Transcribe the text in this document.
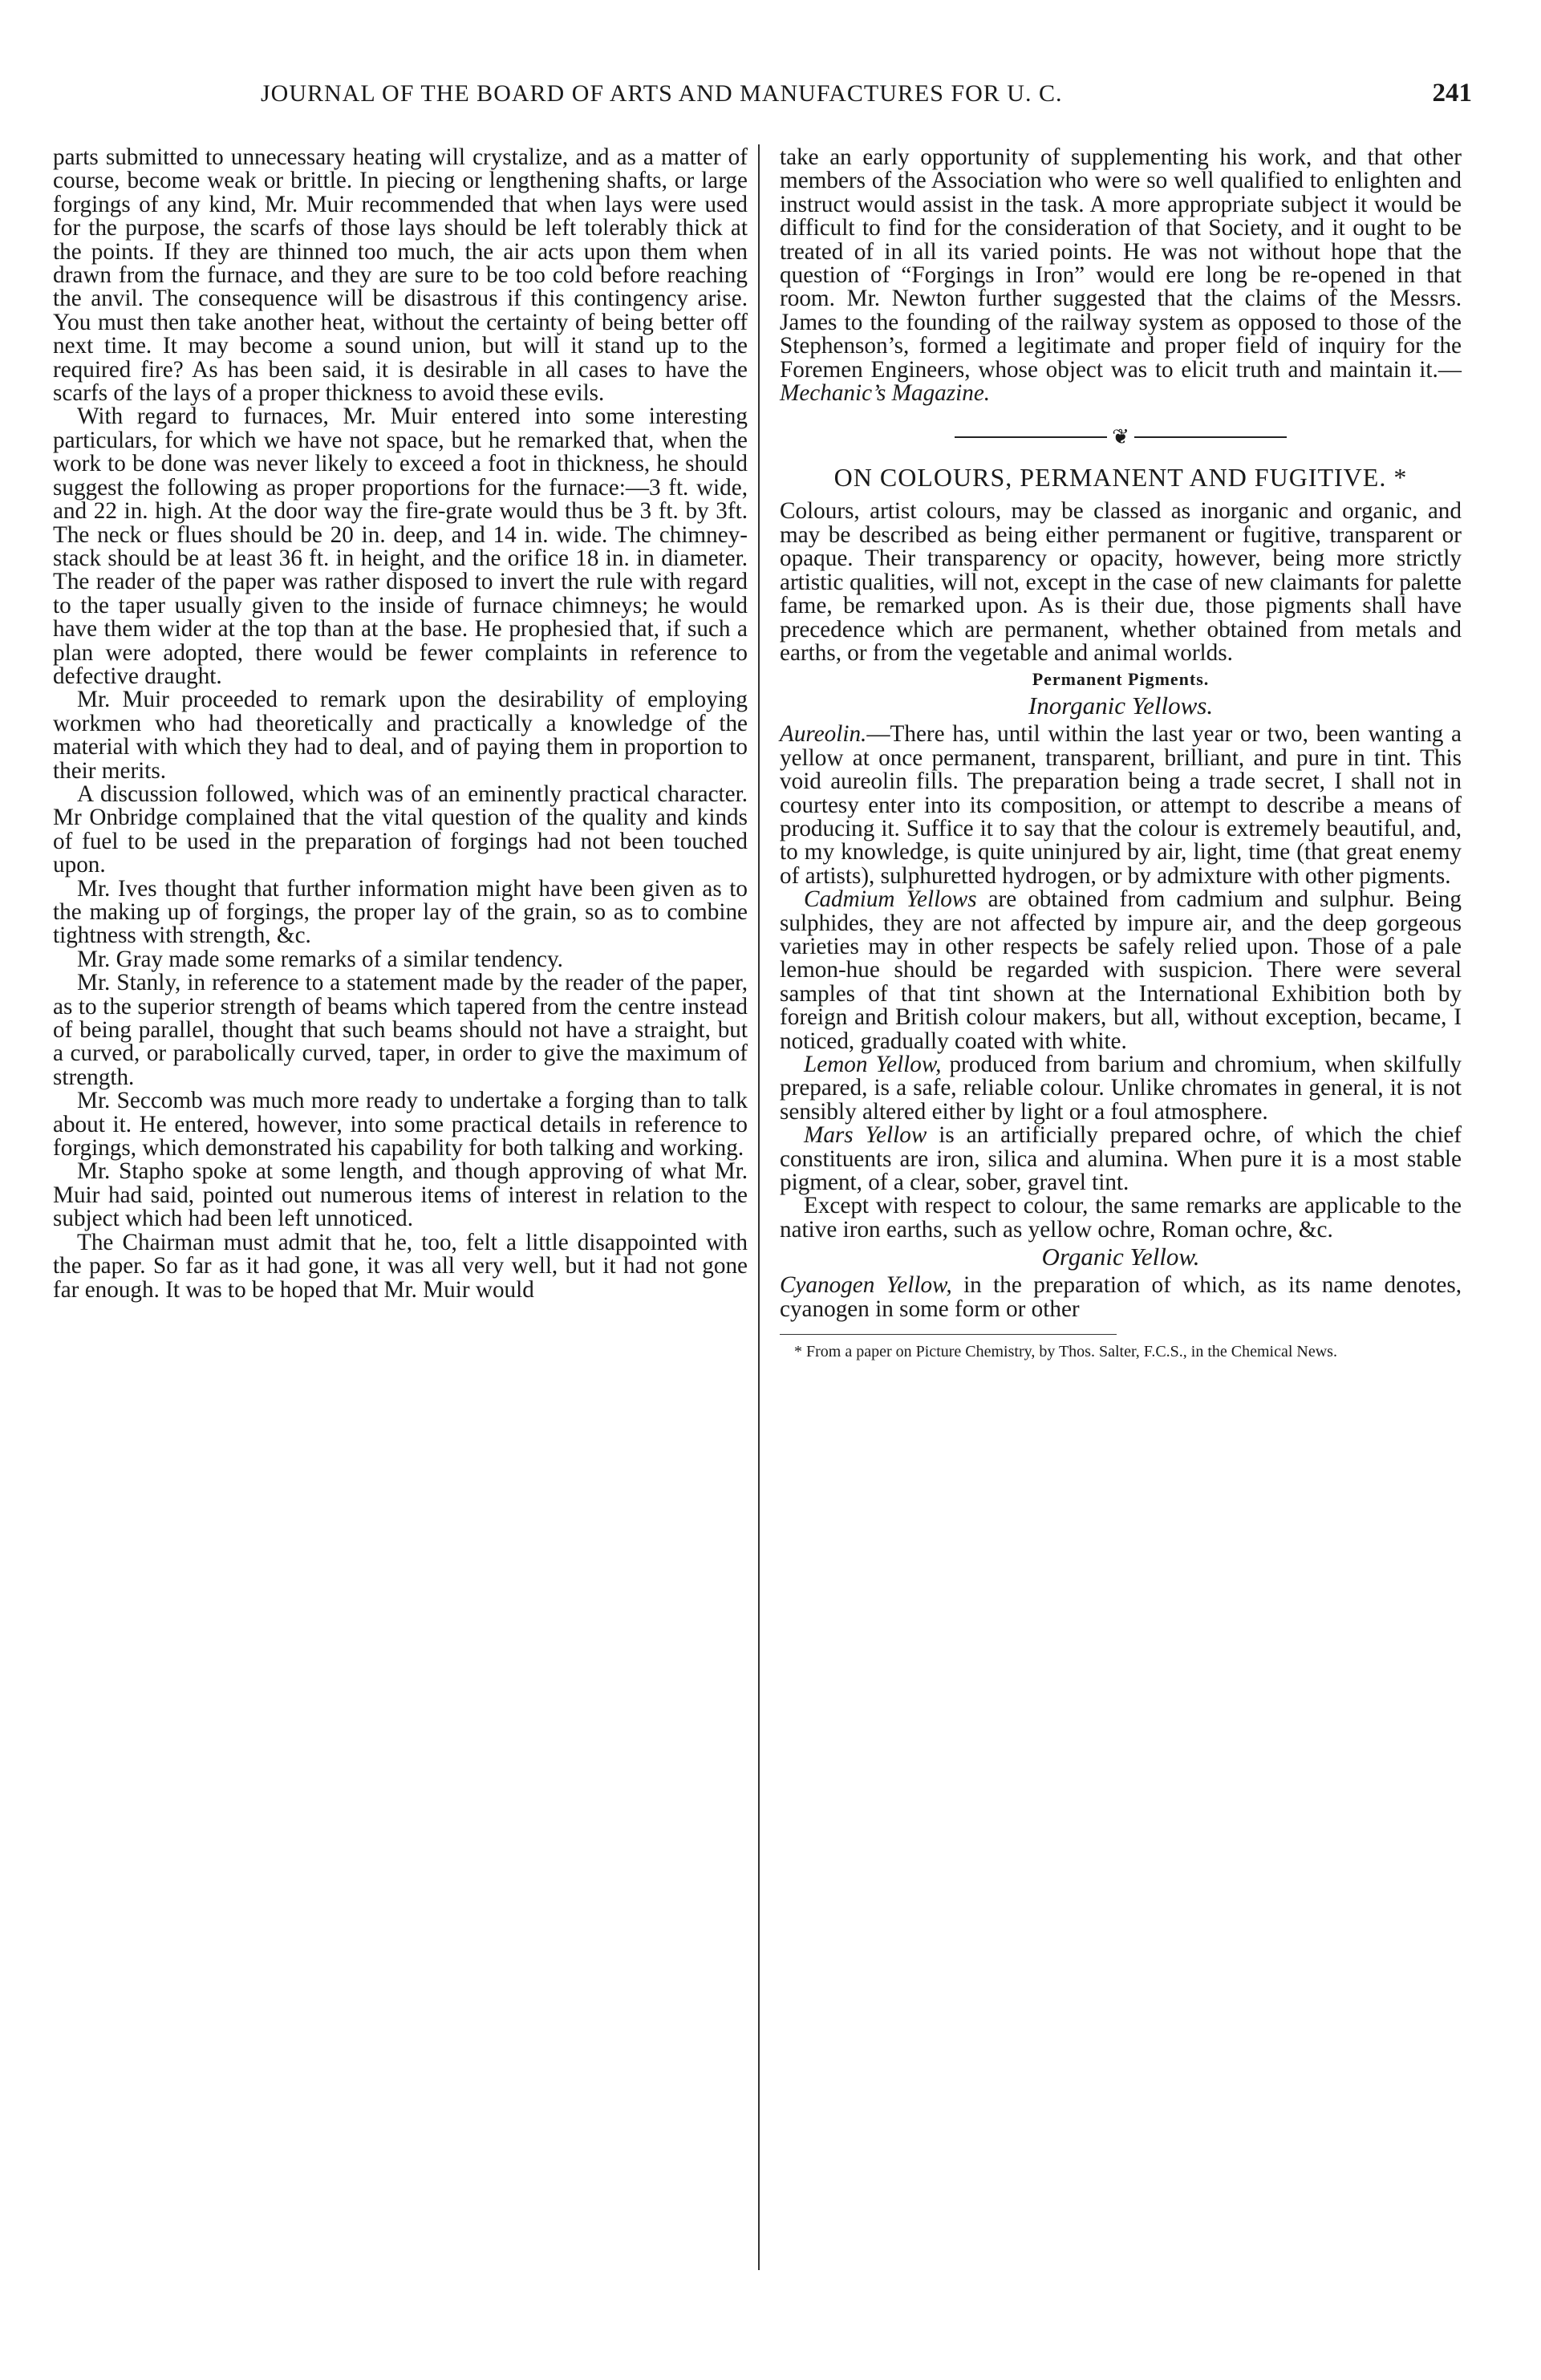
JOURNAL OF THE BOARD OF ARTS AND MANUFACTURES FOR U. C.	241

parts submitted to unnecessary heating will crystalize, and as a matter of course, become weak or brittle. In piecing or lengthening shafts, or large forgings of any kind, Mr. Muir recommended that when lays were used for the purpose, the scarfs of those lays should be left tolerably thick at the points. If they are thinned too much, the air acts upon them when drawn from the furnace, and they are sure to be too cold before reaching the anvil. The consequence will be disastrous if this contingency arise. You must then take another heat, without the certainty of being better off next time. It may become a sound union, but will it stand up to the required fire? As has been said, it is desirable in all cases to have the scarfs of the lays of a proper thickness to avoid these evils.

With regard to furnaces, Mr. Muir entered into some interesting particulars, for which we have not space, but he remarked that, when the work to be done was never likely to exceed a foot in thickness, he should suggest the following as proper proportions for the furnace:—3 ft. wide, and 22 in. high. At the door way the fire-grate would thus be 3 ft. by 3ft. The neck or flues should be 20 in. deep, and 14 in. wide. The chimney-stack should be at least 36 ft. in height, and the orifice 18 in. in diameter. The reader of the paper was rather disposed to invert the rule with regard to the taper usually given to the inside of furnace chimneys; he would have them wider at the top than at the base. He prophesied that, if such a plan were adopted, there would be fewer complaints in reference to defective draught.

Mr. Muir proceeded to remark upon the desirability of employing workmen who had theoretically and practically a knowledge of the material with which they had to deal, and of paying them in proportion to their merits.

A discussion followed, which was of an eminently practical character. Mr Onbridge complained that the vital question of the quality and kinds of fuel to be used in the preparation of forgings had not been touched upon.

Mr. Ives thought that further information might have been given as to the making up of forgings, the proper lay of the grain, so as to combine tightness with strength, &c.

Mr. Gray made some remarks of a similar tendency.

Mr. Stanly, in reference to a statement made by the reader of the paper, as to the superior strength of beams which tapered from the centre instead of being parallel, thought that such beams should not have a straight, but a curved, or parabolically curved, taper, in order to give the maximum of strength.

Mr. Seccomb was much more ready to undertake a forging than to talk about it. He entered, however, into some practical details in reference to forgings, which demonstrated his capability for both talking and working.

Mr. Stapho spoke at some length, and though approving of what Mr. Muir had said, pointed out numerous items of interest in relation to the subject which had been left unnoticed.

The Chairman must admit that he, too, felt a little disappointed with the paper. So far as it had gone, it was all very well, but it had not gone far enough. It was to be hoped that Mr. Muir would

take an early opportunity of supplementing his work, and that other members of the Association who were so well qualified to enlighten and instruct would assist in the task. A more appropriate subject it would be difficult to find for the consideration of that Society, and it ought to be treated of in all its varied points. He was not without hope that the question of “Forgings in Iron” would ere long be re-opened in that room. Mr. Newton further suggested that the claims of the Messrs. James to the founding of the railway system as opposed to those of the Stephenson’s, formed a legitimate and proper field of inquiry for the Foremen Engineers, whose object was to elicit truth and maintain it.— Mechanic’s Magazine.

❦
ON COLOURS, PERMANENT AND FUGITIVE. *

Colours, artist colours, may be classed as inorganic and organic, and may be described as being either permanent or fugitive, transparent or opaque. Their transparency or opacity, however, being more strictly artistic qualities, will not, except in the case of new claimants for palette fame, be remarked upon. As is their due, those pigments shall have precedence which are permanent, whether obtained from metals and earths, or from the vegetable and animal worlds.

Permanent Pigments.
Inorganic Yellows.

Aureolin.—There has, until within the last year or two, been wanting a yellow at once permanent, transparent, brilliant, and pure in tint. This void aureolin fills. The preparation being a trade secret, I shall not in courtesy enter into its composition, or attempt to describe a means of producing it. Suffice it to say that the colour is extremely beautiful, and, to my knowledge, is quite uninjured by air, light, time (that great enemy of artists), sulphuretted hydrogen, or by admixture with other pigments.

Cadmium Yellows are obtained from cadmium and sulphur. Being sulphides, they are not affected by impure air, and the deep gorgeous varieties may in other respects be safely relied upon. Those of a pale lemon-hue should be regarded with suspicion. There were several samples of that tint shown at the International Exhibition both by foreign and British colour makers, but all, without exception, became, I noticed, gradually coated with white.

Lemon Yellow, produced from barium and chromium, when skilfully prepared, is a safe, reliable colour. Unlike chromates in general, it is not sensibly altered either by light or a foul atmosphere.

Mars Yellow is an artificially prepared ochre, of which the chief constituents are iron, silica and alumina. When pure it is a most stable pigment, of a clear, sober, gravel tint.

Except with respect to colour, the same remarks are applicable to the native iron earths, such as yellow ochre, Roman ochre, &c.

Organic Yellow.

Cyanogen Yellow, in the preparation of which, as its name denotes, cyanogen in some form or other

* From a paper on Picture Chemistry, by Thos. Salter, F.C.S., in the Chemical News.
